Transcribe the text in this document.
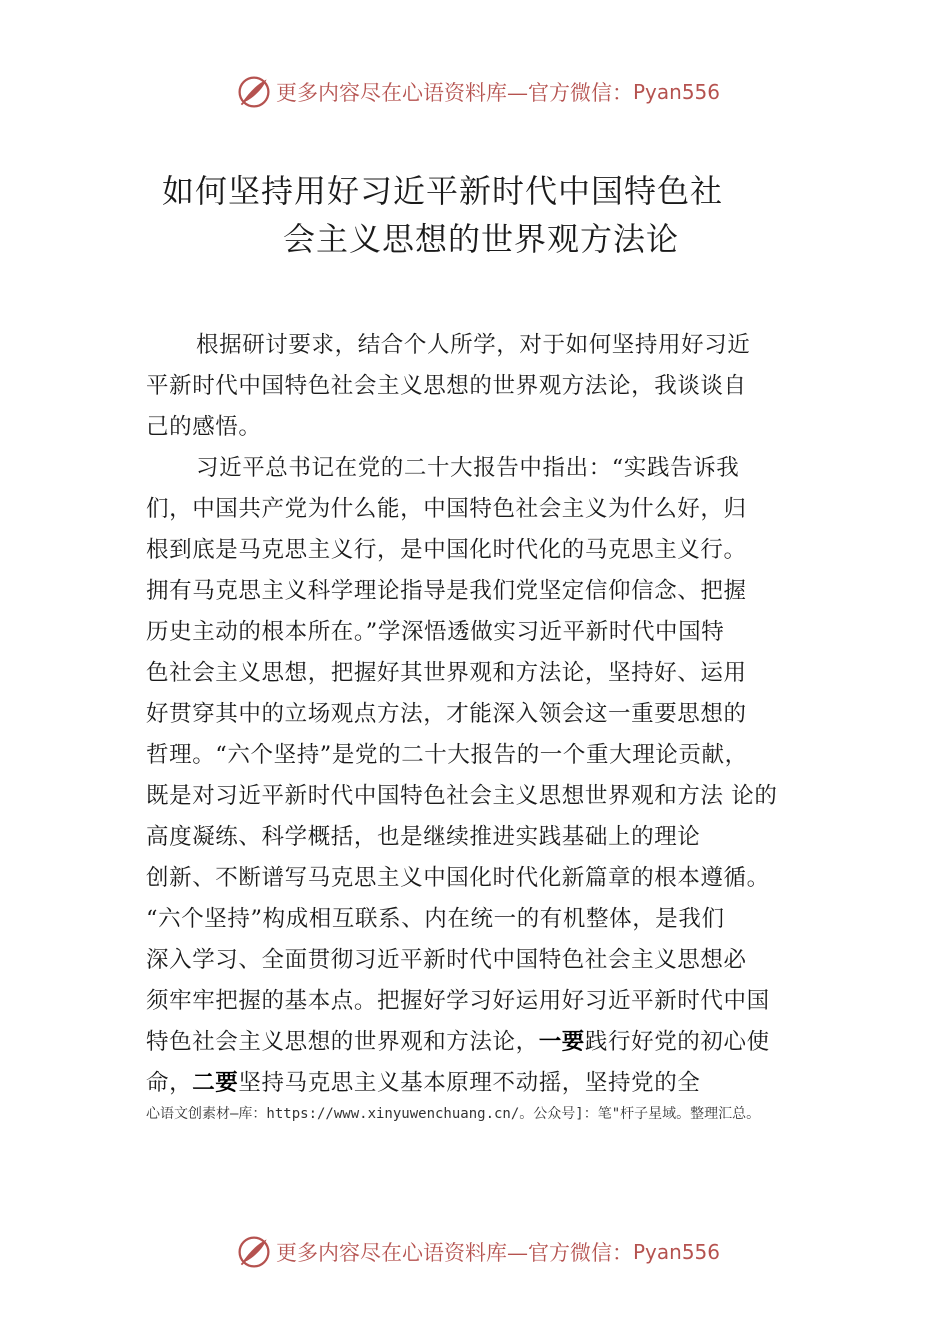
更多内容尽在心语资料库—官方微信： Pyan556
如何坚持用好习近平新时代中国特色社
会主义思想的世界观方法论
根据研讨要求，结合个人所学，对于如何坚持用好习近
平新时代中国特色社会主义思想的世界观方法论，我谈谈自
己的感悟。
习近平总书记在党的二十大报告中指出：“实践告诉我
们，中国共产党为什么能，中国特色社会主义为什么好，归
根到底是马克思主义行，是中国化时代化的马克思主义行。
拥有马克思主义科学理论指导是我们党坚定信仰信念、把握
历史主动的根本所在。”学深悟透做实习近平新时代中国特
色社会主义思想，把握好其世界观和方法论，坚持好、运用
好贯穿其中的立场观点方法，才能深入领会这一重要思想的
哲理。“六个坚持”是党的二十大报告的一个重大理论贡献，
既是对习近平新时代中国特色社会主义思想世界观和方法 论的
高度凝练、科学概括，也是继续推进实践基础上的理论
创新、不断谱写马克思主义中国化时代化新篇章的根本遵循。
“六个坚持”构成相互联系、内在统一的有机整体，是我们
深入学习、全面贯彻习近平新时代中国特色社会主义思想必
须牢牢把握的基本点。把握好学习好运用好习近平新时代中国
特色社会主义思想的世界观和方法论，一要践行好党的初心使
命，二要坚持马克思主义基本原理不动摇，坚持党的全
心语文创素材—库：https://www.xinyuwenchuang.cn/。公众号]：笔"杆子星域。整理汇总。
更多内容尽在心语资料库—官方微信： Pyan556
